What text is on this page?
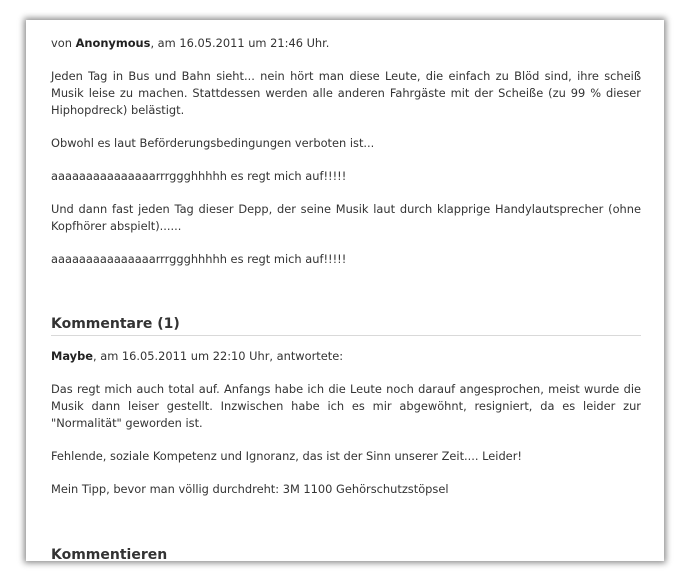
von Anonymous, am 16.05.2011 um 21:46 Uhr.

Jeden Tag in Bus und Bahn sieht... nein hört man diese Leute, die einfach zu Blöd sind, ihre scheiß Musik leise zu machen. Stattdessen werden alle anderen Fahrgäste mit der Scheiße (zu 99 % dieser Hiphopdreck) belästigt.

Obwohl es laut Beförderungsbedingungen verboten ist...

aaaaaaaaaaaaaaarrrggghhhhh es regt mich auf!!!!!

Und dann fast jeden Tag dieser Depp, der seine Musik laut durch klapprige Handylautsprecher (ohne Kopfhörer abspielt)......

aaaaaaaaaaaaaaarrrggghhhhh es regt mich auf!!!!!

Kommentare (1)

Maybe, am 16.05.2011 um 22:10 Uhr, antwortete:

Das regt mich auch total auf. Anfangs habe ich die Leute noch darauf angesprochen, meist wurde die Musik dann leiser gestellt. Inzwischen habe ich es mir abgewöhnt, resigniert, da es leider zur "Normalität" geworden ist.

Fehlende, soziale Kompetenz und Ignoranz, das ist der Sinn unserer Zeit.... Leider!

Mein Tipp, bevor man völlig durchdreht: 3M 1100 Gehörschutzstöpsel

Kommentieren
